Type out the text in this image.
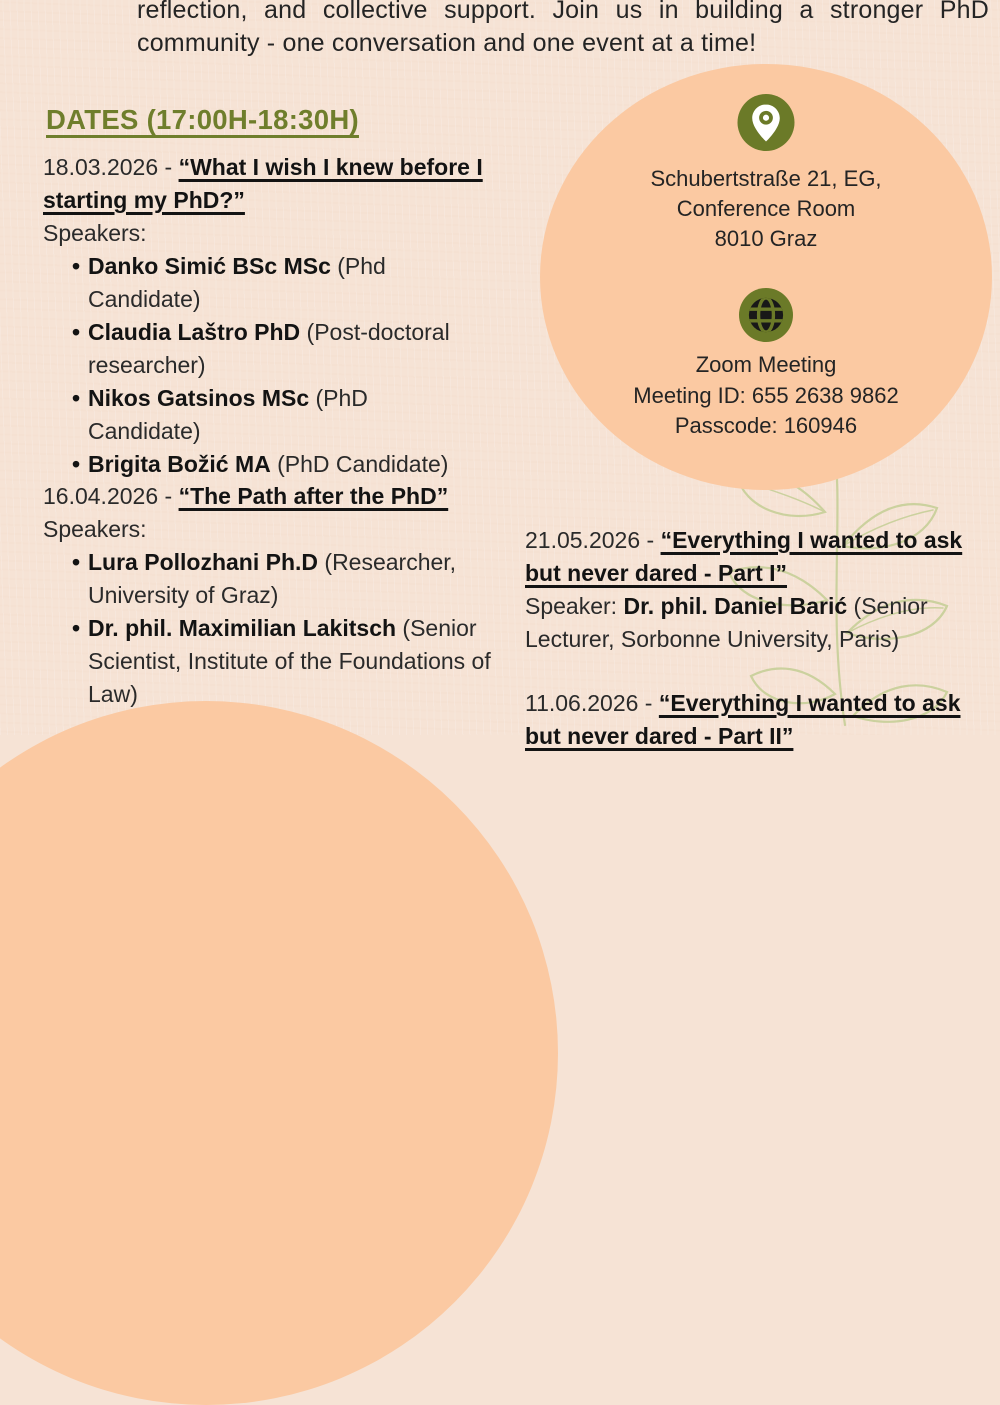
Schubertstraße 21, EG,
Conference Room
8010 Graz
Zoom Meeting
Meeting ID: 655 2638 9862
Passcode: 160946

reflection, and collective support. Join us in building a stronger PhD community - one conversation and one event at a time!

DATES (17:00H-18:30H)

18.03.2026 - “What I wish I knew before I starting my PhD?”

Speakers:

• Danko Simić BSc MSc (Phd Candidate)
• Claudia Laštro PhD (Post-doctoral researcher)
• Nikos Gatsinos MSc (PhD Candidate)
• Brigita Božić MA (PhD Candidate)

16.04.2026 - “The Path after the PhD”

Speakers:

• Lura Pollozhani Ph.D (Researcher, University of Graz)
• Dr. phil. Maximilian Lakitsch (Senior Scientist, Institute of the Foundations of Law)

21.05.2026 - “Everything I wanted to ask but never dared - Part I”

Speaker: Dr. phil. Daniel Barić (Senior Lecturer, Sorbonne University, Paris)

11.06.2026 - “Everything I wanted to ask but never dared - Part II”
